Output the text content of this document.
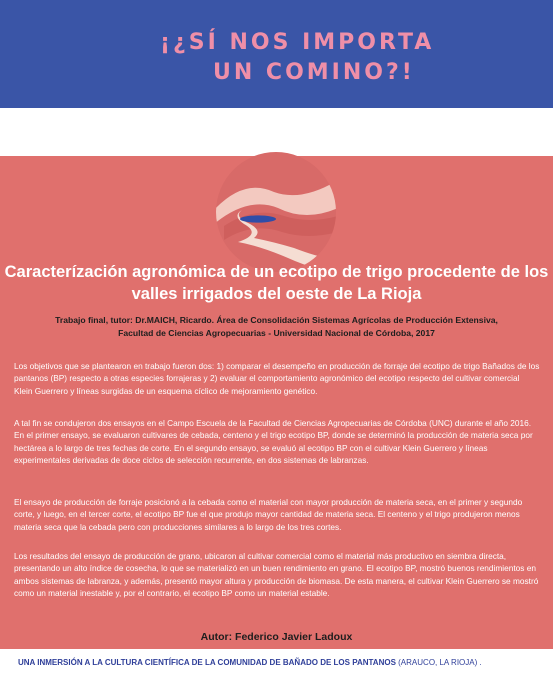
¡¿SÍ NOS IMPORTA
UN COMINO?!
Caracterízación agronómica de un ecotipo de trigo procedente de los valles irrigados del oeste de La Rioja
Trabajo final, tutor: Dr.MAICH, Ricardo. Área de Consolidación Sistemas Agrícolas de Producción Extensiva,
Facultad de Ciencias Agropecuarias - Universidad Nacional de Córdoba, 2017
Los objetivos que se plantearon en trabajo fueron dos: 1) comparar el desempeño en producción de forraje del ecotipo de trigo Bañados de los pantanos (BP) respecto a otras especies forrajeras y 2) evaluar el comportamiento agronómico del ecotipo respecto del cultivar comercial Klein Guerrero y líneas surgidas de un esquema cíclico de mejoramiento genético.
A tal fin se condujeron dos ensayos en el Campo Escuela de la Facultad de Ciencias Agropecuarias de Córdoba (UNC) durante el año 2016. En el primer ensayo, se evaluaron cultivares de cebada, centeno y el trigo ecotipo BP, donde se determinó la producción de materia seca por hectárea a lo largo de tres fechas de corte. En el segundo ensayo, se evaluó al ecotipo BP con el cultivar Klein Guerrero y líneas experimentales derivadas de doce ciclos de selección recurrente, en dos sistemas de labranzas.
El ensayo de producción de forraje posicionó a la cebada como el material con mayor producción de materia seca, en el primer y segundo corte, y luego, en el tercer corte, el ecotipo BP fue el que produjo mayor cantidad de materia seca. El centeno y el trigo produjeron menos materia seca que la cebada pero con producciones similares a lo largo de los tres cortes.
Los resultados del ensayo de producción de grano, ubicaron al cultivar comercial como el material más productivo en siembra directa, presentando un alto índice de cosecha, lo que se materializó en un buen rendimiento en grano. El ecotipo BP, mostró buenos rendimientos en ambos sistemas de labranza, y además, presentó mayor altura y producción de biomasa. De esta manera, el cultivar Klein Guerrero se mostró como un material inestable y, por el contrario, el ecotipo BP como un material estable.
Autor: Federico Javier Ladoux
UNA INMERSIÓN A LA CULTURA CIENTÍFICA DE LA COMUNIDAD DE BAÑADO DE LOS PANTANOS (ARAUCO, LA RIOJA) .
